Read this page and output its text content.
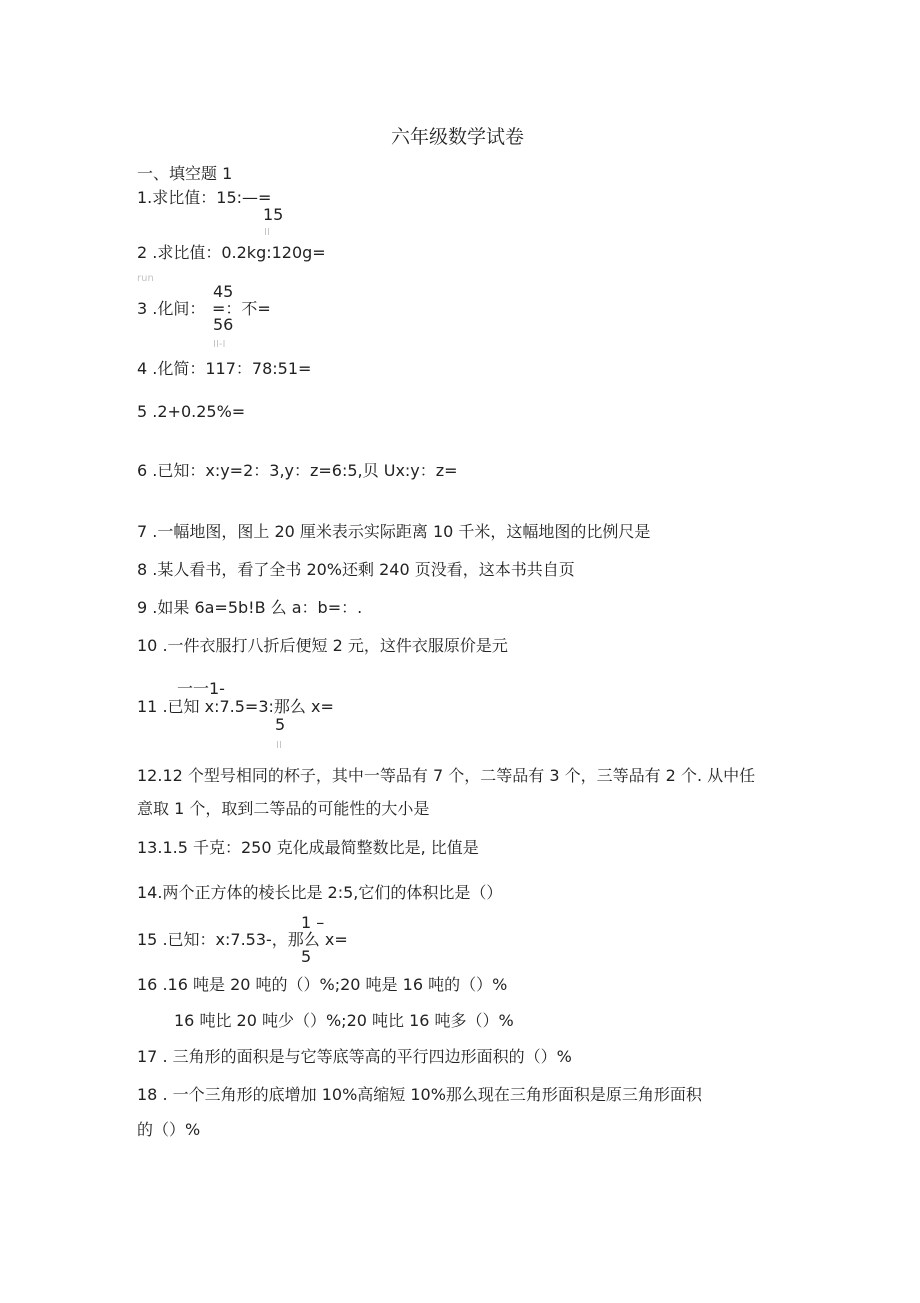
六年级数学试卷
一、填空题 1
1.求比值：15:—=
15
II
2 .求比值：0.2kg:120g=
run
45
3 .化间： =：不=
56
II-I
4 .化简：117：78:51=
5 .2+0.25%=
6 .已知：x:y=2：3,y：z=6:5,贝 Ux:y：z=
7 .一幅地图，图上 20 厘米表示实际距离 10 千米，这幅地图的比例尺是
8 .某人看书，看了全书 20%还剩 240 页没看，这本书共自页
9 .如果 6a=5b!B 么 a：b=：.
10 .一件衣服打八折后便短 2 元，这件衣服原价是元
一一1-
11 .已知 x:7.5=3:那么 x=
5
II
12.12 个型号相同的杯子，其中一等品有 7 个，二等品有 3 个，三等品有 2 个. 从中任
意取 1 个，取到二等品的可能性的大小是
13.1.5 千克：250 克化成最简整数比是, 比值是
14.两个正方体的棱长比是 2:5,它们的体积比是（）
1 –
15 .已知：x:7.53-，那么 x=
5
16 .16 吨是 20 吨的（）%;20 吨是 16 吨的（）%
16 吨比 20 吨少（）%;20 吨比 16 吨多（）%
17 . 三角形的面积是与它等底等高的平行四边形面积的（）%
18 . 一个三角形的底增加 10%高缩短 10%那么现在三角形面积是原三角形面积
的（）%
